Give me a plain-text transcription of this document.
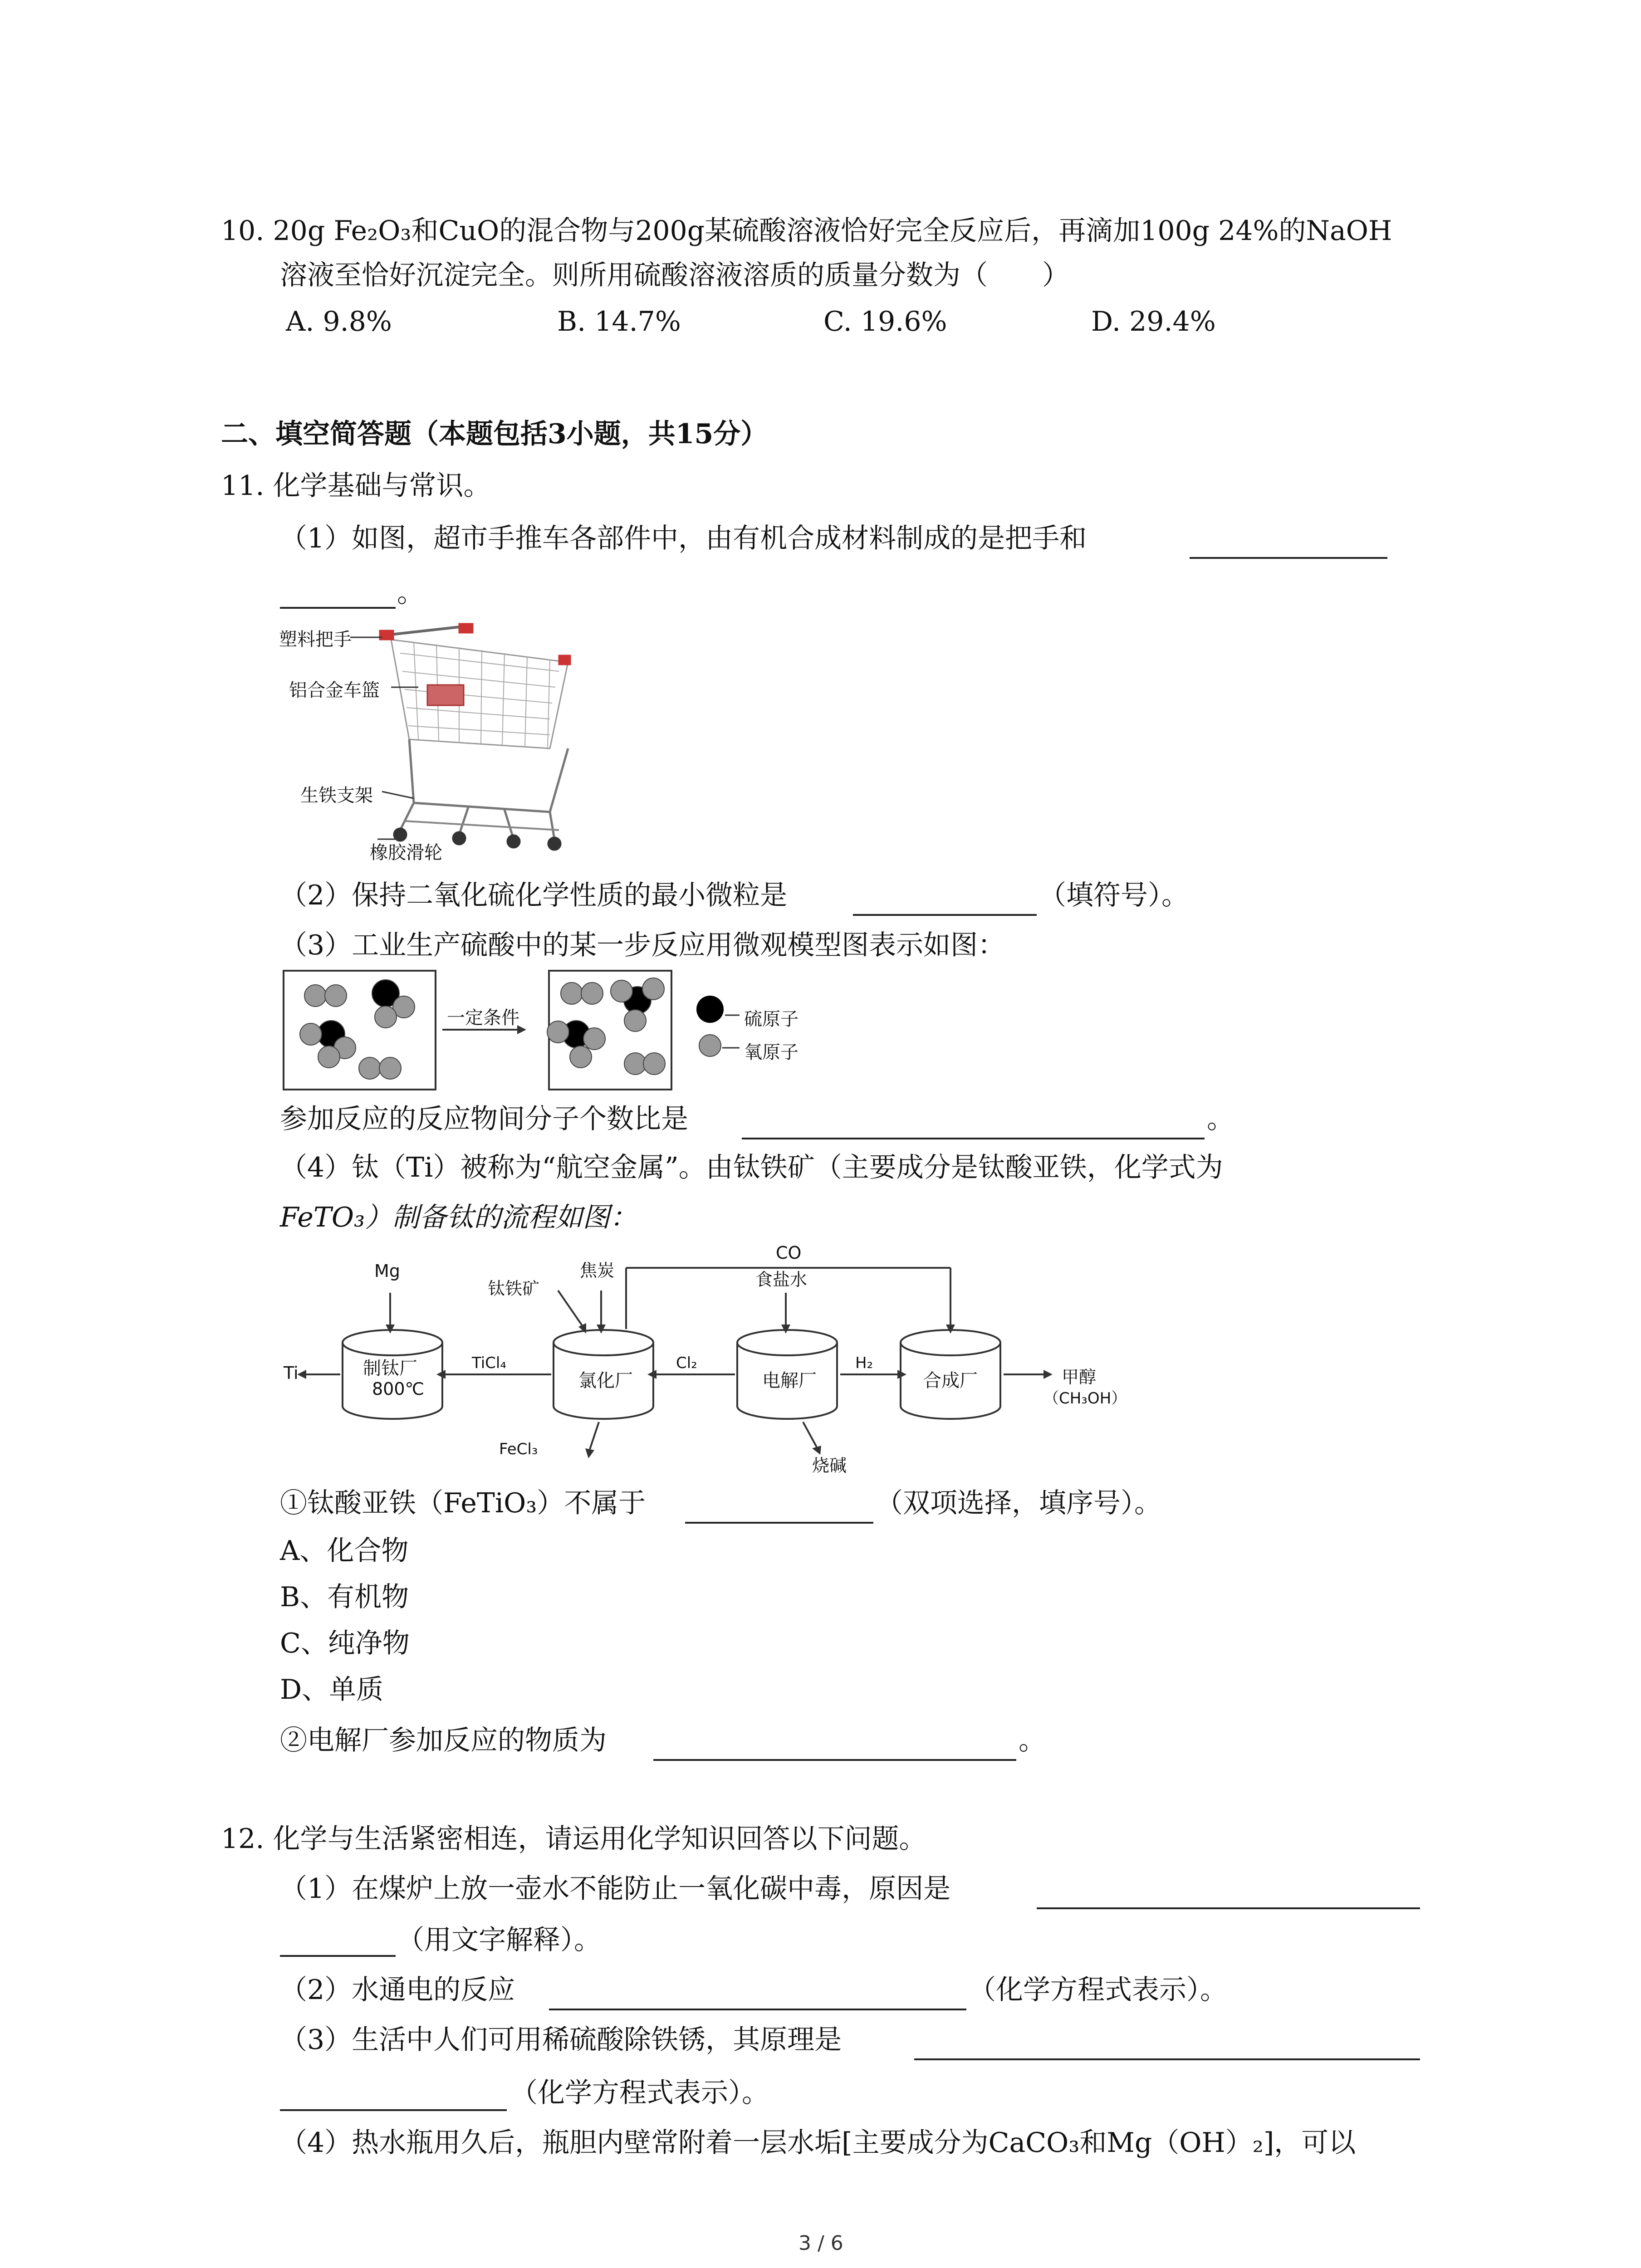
10. 20g Fe₂O₃和CuO的混合物与200g某硫酸溶液恰好完全反应后，再滴加100g 24%的NaOH
溶液至恰好沉淀完全。则所用硫酸溶液溶质的质量分数为（　　）
A. 9.8%	B. 14.7%	C. 19.6%	D. 29.4%
二、填空简答题（本题包括3小题，共15分）
11. 化学基础与常识。
（1）如图，超市手推车各部件中，由有机合成材料制成的是把手和
。
塑料把手
铝合金车篮
生铁支架
橡胶滑轮
（2）保持二氧化硫化学性质的最小微粒是	（填符号）。
（3）工业生产硫酸中的某一步反应用微观模型图表示如图：
一定条件	硫原子
氧原子
参加反应的反应物间分子个数比是	。
（4）钛（Ti）被称为“航空金属”。由钛铁矿（主要成分是钛酸亚铁，化学式为
FeTO₃）制备钛的流程如图：
Mg
Ti	制钛厂
800℃
TiCl₄
钛铁矿
焦炭
氯化厂
FeCl₃
Cl₂
CO
食盐水
电解厂
烧碱
H₂
合成厂	甲醇
（CH₃OH）
①钛酸亚铁（FeTiO₃）不属于	（双项选择，填序号）。
A、化合物
B、有机物
C、纯净物
D、单质
②电解厂参加反应的物质为	。
12. 化学与生活紧密相连，请运用化学知识回答以下问题。
（1）在煤炉上放一壶水不能防止一氧化碳中毒，原因是
（用文字解释）。
（2）水通电的反应	（化学方程式表示）。
（3）生活中人们可用稀硫酸除铁锈，其原理是
（化学方程式表示）。
（4）热水瓶用久后，瓶胆内壁常附着一层水垢[主要成分为CaCO₃和Mg（OH）₂]，可以
3 / 6
